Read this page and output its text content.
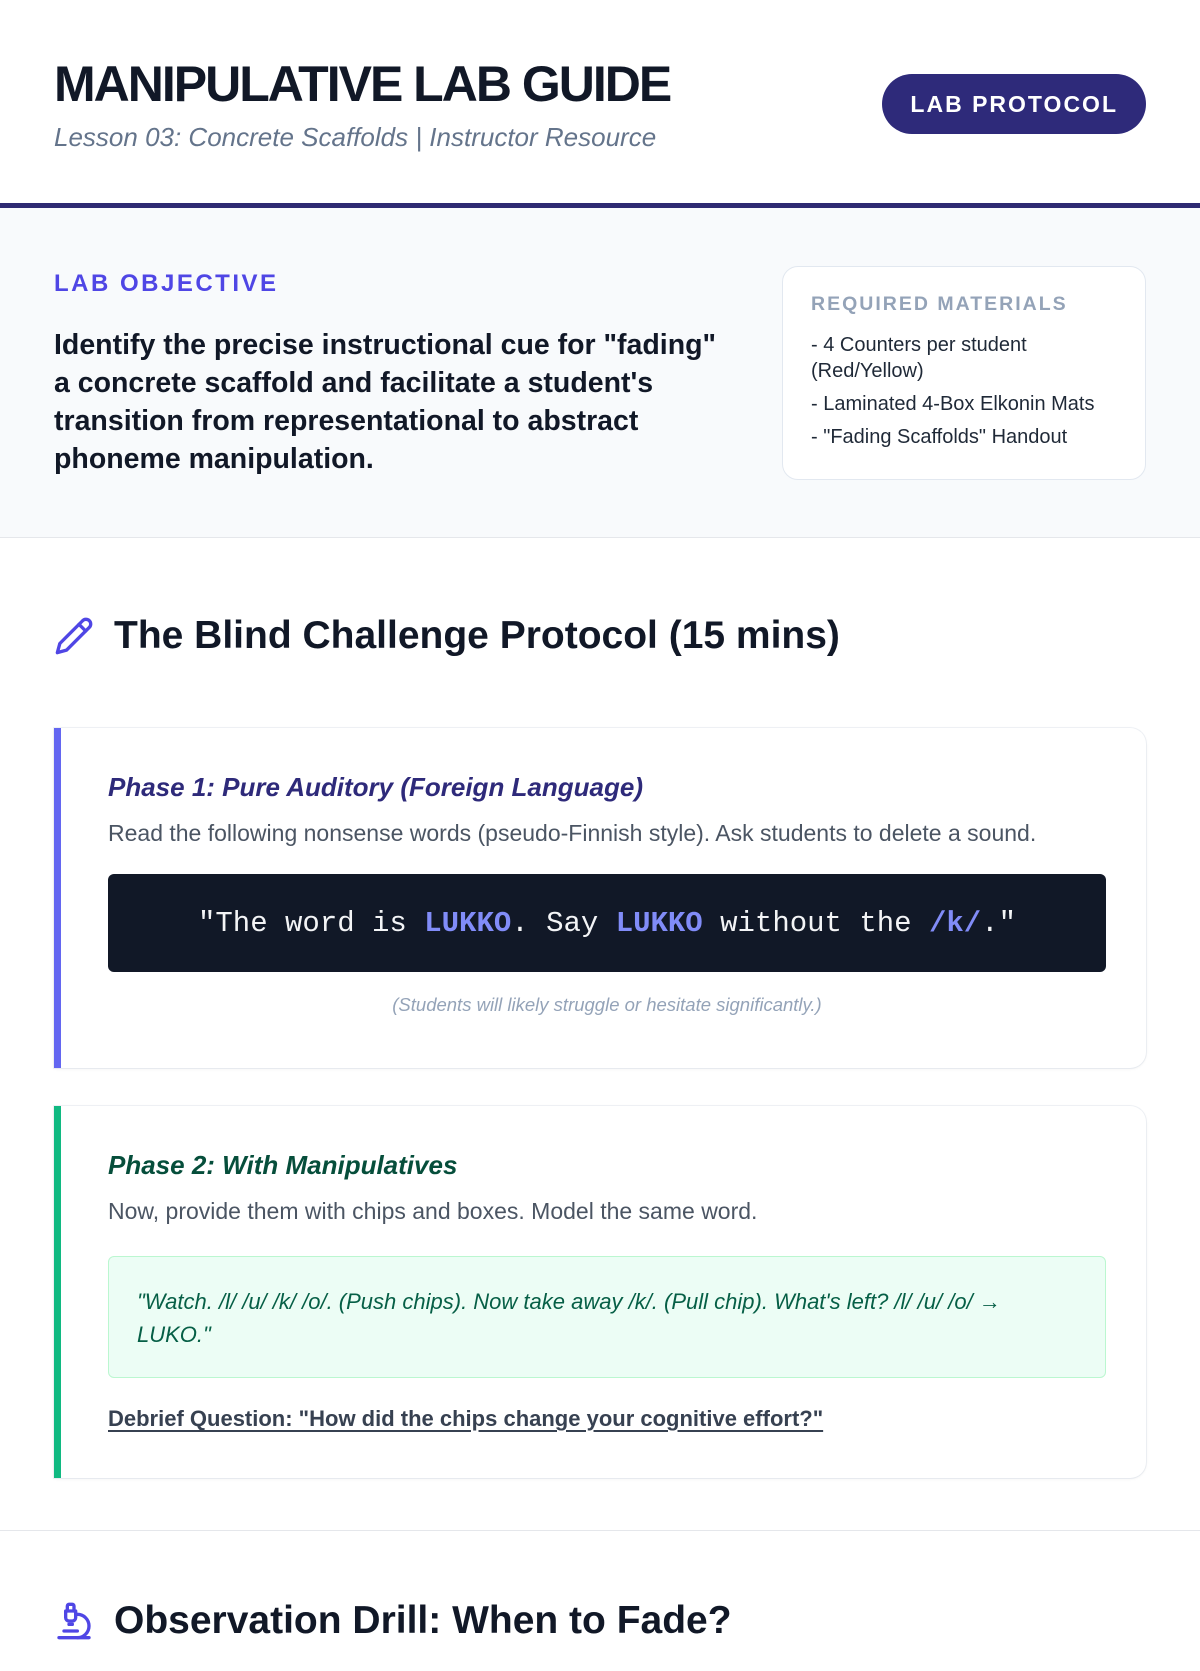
MANIPULATIVE LAB GUIDE
Lesson 03: Concrete Scaffolds | Instructor Resource
LAB PROTOCOL
LAB OBJECTIVE

Identify the precise instructional cue for "fading" a concrete scaffold and facilitate a student's transition from representational to abstract phoneme manipulation.

REQUIRED MATERIALS
- 4 Counters per student (Red/Yellow)
- Laminated 4-Box Elkonin Mats
- "Fading Scaffolds" Handout
The Blind Challenge Protocol (15 mins)
Phase 1: Pure Auditory (Foreign Language)
Read the following nonsense words (pseudo-Finnish style). Ask students to delete a sound.
"The word is LUKKO . Say LUKKO without the /k/ ."
(Students will likely struggle or hesitate significantly.)
Phase 2: With Manipulatives
Now, provide them with chips and boxes. Model the same word.
"Watch. /l/ /u/ /k/ /o/. (Push chips). Now take away /k/. (Pull chip). What's left? /l/ /u/ /o/ → LUKO."
Debrief Question: "How did the chips change your cognitive effort?"
Observation Drill: When to Fade?
